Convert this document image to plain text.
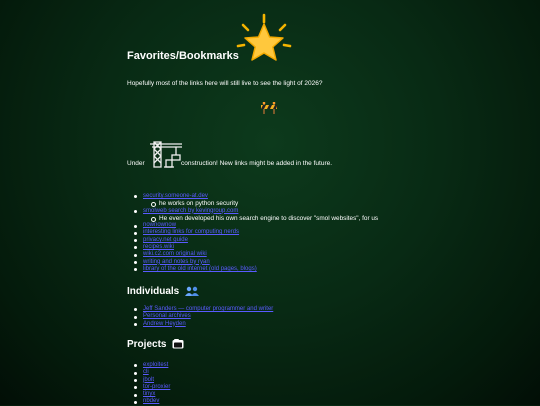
Favorites/Bookmarks

Hopefully most of the links here will still live to see the light of 2026?

Under	construction! New links might be added in the future.
security.someone-at.dev
he works on python security
smolweb search by kevingroup.com
He even developed his own search engine to discover "smol websites", for us
nownownow
interesting links for computing nerds
privacy.net guide
recipes.wiki
wiki.c2.com original wiki
writing and notes by ryan
library of the old internet (old pages, blogs)
Individuals
Jeff Sanders — computer programmer and writer
Personal archives
Andrew Heyden
Projects
exploitest
cli
jbolt
tor-proxier
tinyx
nbdev
